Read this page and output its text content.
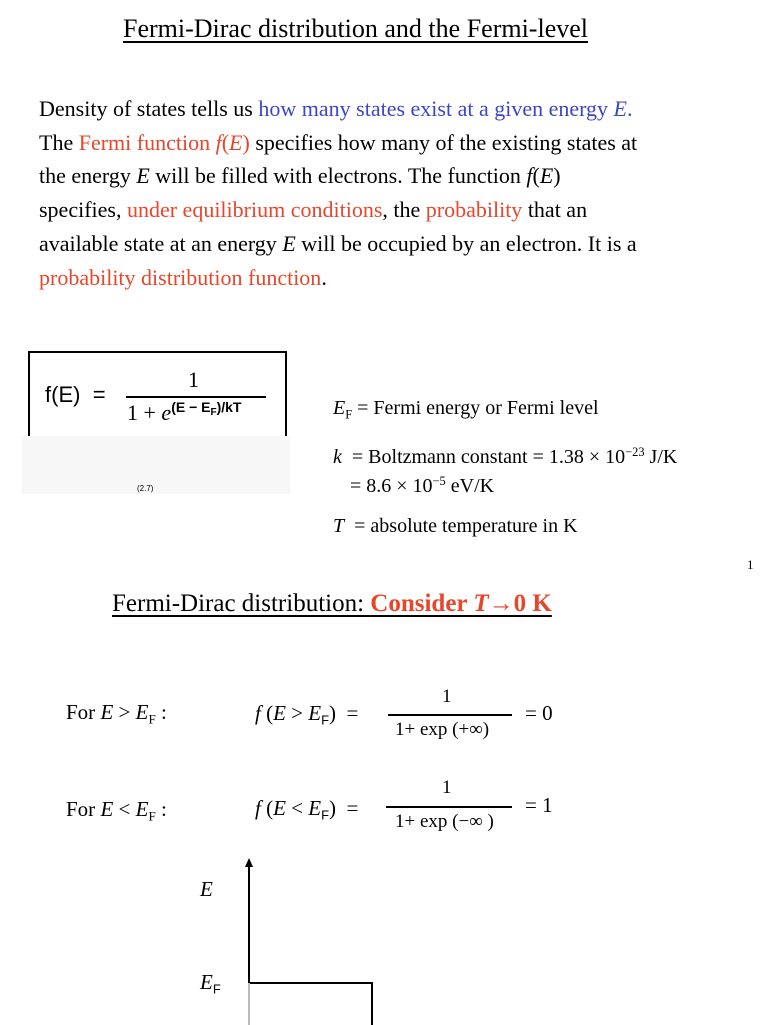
Fermi-Dirac distribution and the Fermi-level
Density of states tells us how many states exist at a given energy E.
The Fermi function f(E) specifies how many of the existing states at
the energy E will be filled with electrons. The function f(E)
specifies, under equilibrium conditions, the probability that an
available state at an energy E will be occupied by an electron. It is a
probability distribution function.
f(E) =
1
$1 + e^{(E - E_F)/kT}$
(2.7)
$E_F$ = Fermi energy or Fermi level
k  = Boltzmann constant = $1.38 \times 10^{-23}$ J/K
= $8.6 \times 10^{-5}$ eV/K
T  = absolute temperature in K
1
Fermi-Dirac distribution: Consider T→0 K
For $E > E_F$ :	f $(E > E_F)$ =
1
1+ exp (+∞)
= 0
For $E < E_F$ :	f $(E < E_F)$ =
1
1+ exp (−∞ )
= 1
E
$E_F$
